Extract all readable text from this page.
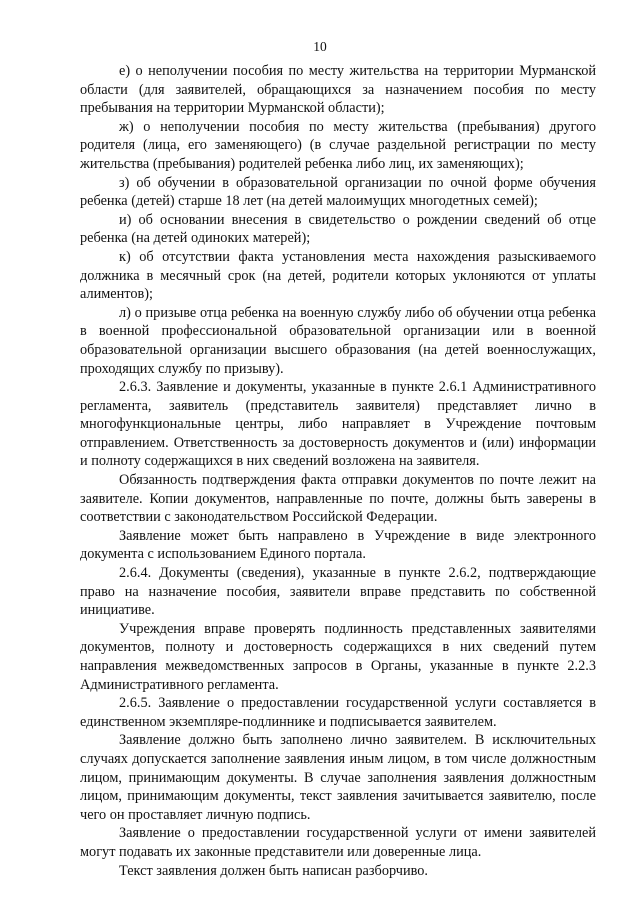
10

е) о неполучении пособия по месту жительства на территории Мурманской области (для заявителей, обращающихся за назначением пособия по месту пребывания на территории Мурманской области);

ж) о неполучении пособия по месту жительства (пребывания) другого родителя (лица, его заменяющего) (в случае раздельной регистрации по месту жительства (пребывания) родителей ребенка либо лиц, их заменяющих);

з) об обучении в образовательной организации по очной форме обучения ребенка (детей) старше 18 лет (на детей малоимущих многодетных семей);

и) об основании внесения в свидетельство о рождении сведений об отце ребенка (на детей одиноких матерей);

к) об отсутствии факта установления места нахождения разыскиваемого должника в месячный срок (на детей, родители которых уклоняются от уплаты алиментов);

л) о призыве отца ребенка на военную службу либо об обучении отца ребенка в военной профессиональной образовательной организации или в военной образовательной организации высшего образования (на детей военнослужащих, проходящих службу по призыву).

2.6.3. Заявление и документы, указанные в пункте 2.6.1 Административного регламента, заявитель (представитель заявителя) представляет лично в многофункциональные центры, либо направляет в Учреждение почтовым отправлением. Ответственность за достоверность документов и (или) информации и полноту содержащихся в них сведений возложена на заявителя.

Обязанность подтверждения факта отправки документов по почте лежит на заявителе. Копии документов, направленные по почте, должны быть заверены в соответствии с законодательством Российской Федерации.

Заявление может быть направлено в Учреждение в виде электронного документа с использованием Единого портала.

2.6.4. Документы (сведения), указанные в пункте 2.6.2, подтверждающие право на назначение пособия, заявители вправе представить по собственной инициативе.

Учреждения вправе проверять подлинность представленных заявителями документов, полноту и достоверность содержащихся в них сведений путем направления межведомственных запросов в Органы, указанные в пункте 2.2.3 Административного регламента.

2.6.5. Заявление о предоставлении государственной услуги составляется в единственном экземпляре-подлиннике и подписывается заявителем.

Заявление должно быть заполнено лично заявителем. В исключительных случаях допускается заполнение заявления иным лицом, в том числе должностным лицом, принимающим документы. В случае заполнения заявления должностным лицом, принимающим документы, текст заявления зачитывается заявителю, после чего он проставляет личную подпись.

Заявление о предоставлении государственной услуги от имени заявителей могут подавать их законные представители или доверенные лица.

Текст заявления должен быть написан разборчиво.
